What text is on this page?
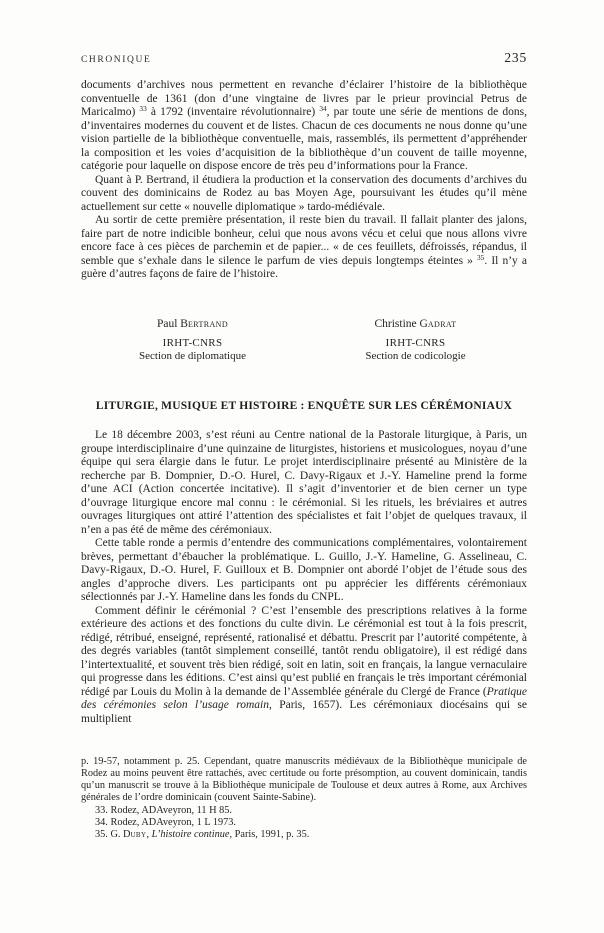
CHRONIQUE	235
documents d’archives nous permettent en revanche d’éclairer l’histoire de la bibliothèque conventuelle de 1361 (don d’une vingtaine de livres par le prieur provincial Petrus de Maricalmo) $^{33}$ à 1792 (inventaire révolutionnaire) $^{34}$, par toute une série de mentions de dons, d’inventaires modernes du couvent et de listes. Chacun de ces documents ne nous donne qu’une vision partielle de la bibliothèque conventuelle, mais, rassemblés, ils permettent d’appréhender la composition et les voies d’acquisition de la bibliothèque d’un couvent de taille moyenne, catégorie pour laquelle on dispose encore de très peu d’informations pour la France.
Quant à P. Bertrand, il étudiera la production et la conservation des documents d’archives du couvent des dominicains de Rodez au bas Moyen Age, poursuivant les études qu’il mène actuellement sur cette « nouvelle diplomatique » tardo-médiévale.
Au sortir de cette première présentation, il reste bien du travail. Il fallait planter des jalons, faire part de notre indicible bonheur, celui que nous avons vécu et celui que nous allons vivre encore face à ces pièces de parchemin et de papier... « de ces feuillets, défroissés, répandus, il semble que s’exhale dans le silence le parfum de vies depuis longtemps éteintes » $^{35}$. Il n’y a guère d’autres façons de faire de l’histoire.
Paul Bertrand
IRHT-CNRS
Section de diplomatique
Christine Gadrat
IRHT-CNRS
Section de codicologie
LITURGIE, MUSIQUE ET HISTOIRE : ENQUÊTE SUR LES CÉRÉMONIAUX
Le 18 décembre 2003, s’est réuni au Centre national de la Pastorale liturgique, à Paris, un groupe interdisciplinaire d’une quinzaine de liturgistes, historiens et musicologues, noyau d’une équipe qui sera élargie dans le futur. Le projet interdisciplinaire présenté au Ministère de la recherche par B. Dompnier, D.-O. Hurel, C. Davy-Rigaux et J.-Y. Hameline prend la forme d’une ACI (Action concertée incitative). Il s’agit d’inventorier et de bien cerner un type d’ouvrage liturgique encore mal connu : le cérémonial. Si les rituels, les bréviaires et autres ouvrages liturgiques ont attiré l’attention des spécialistes et fait l’objet de quelques travaux, il n’en a pas été de même des cérémoniaux.
Cette table ronde a permis d’entendre des communications complémentaires, volontairement brèves, permettant d’ébaucher la problématique. L. Guillo, J.-Y. Hameline, G. Asselineau, C. Davy-Rigaux, D.-O. Hurel, F. Guilloux et B. Dompnier ont abordé l’objet de l’étude sous des angles d’approche divers. Les participants ont pu apprécier les différents cérémoniaux sélectionnés par J.-Y. Hameline dans les fonds du CNPL.
Comment définir le cérémonial ? C’est l’ensemble des prescriptions relatives à la forme extérieure des actions et des fonctions du culte divin. Le cérémonial est tout à la fois prescrit, rédigé, rétribué, enseigné, représenté, rationalisé et débattu. Prescrit par l’autorité compétente, à des degrés variables (tantôt simplement conseillé, tantôt rendu obligatoire), il est rédigé dans l’intertextualité, et souvent très bien rédigé, soit en latin, soit en français, la langue vernaculaire qui progresse dans les éditions. C’est ainsi qu’est publié en français le très important cérémonial rédigé par Louis du Molin à la demande de l’Assemblée générale du Clergé de France (Pratique des cérémonies selon l’usage romain, Paris, 1657). Les cérémoniaux diocésains qui se multiplient
p. 19-57, notamment p. 25. Cependant, quatre manuscrits médiévaux de la Bibliothèque municipale de Rodez au moins peuvent être rattachés, avec certitude ou forte présomption, au couvent dominicain, tandis qu’un manuscrit se trouve à la Bibliothèque municipale de Toulouse et deux autres à Rome, aux Archives générales de l’ordre dominicain (couvent Sainte-Sabine).
33. Rodez, ADAveyron, 11 H 85.
34. Rodez, ADAveyron, 1 L 1973.
35. G. Duby, L’histoire continue, Paris, 1991, p. 35.
